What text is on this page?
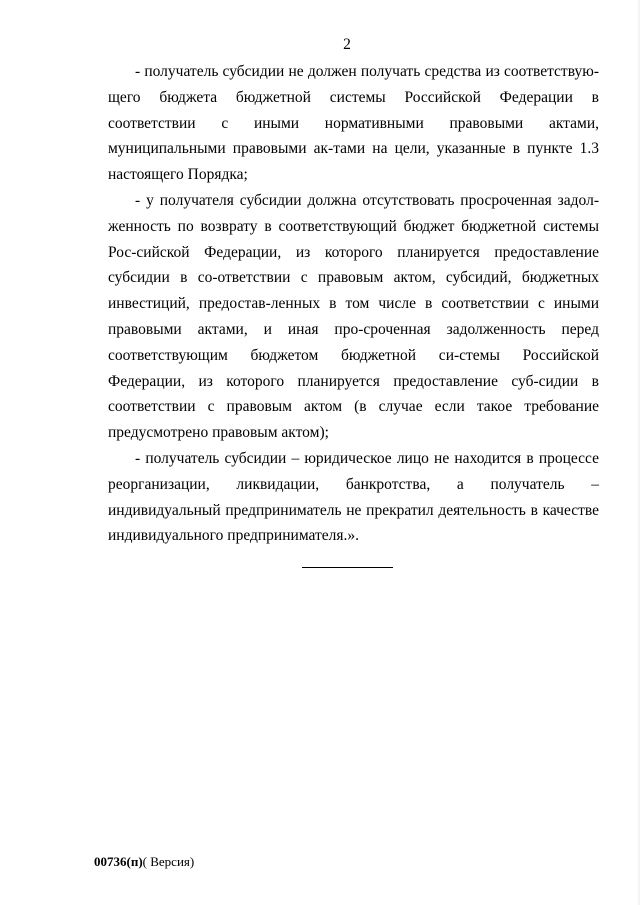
2

- получатель субсидии не должен получать средства из соответствую-щего бюджета бюджетной системы Российской Федерации в соответствии с иными нормативными правовыми актами, муниципальными правовыми ак-тами на цели, указанные в пункте 1.3 настоящего Порядка;

- у получателя субсидии должна отсутствовать просроченная задол-женность по возврату в соответствующий бюджет бюджетной системы Рос-сийской Федерации, из которого планируется предоставление субсидии в со-ответствии с правовым актом, субсидий, бюджетных инвестиций, предостав-ленных в том числе в соответствии с иными правовыми актами, и иная про-сроченная задолженность перед соответствующим бюджетом бюджетной си-стемы Российской Федерации, из которого планируется предоставление суб-сидии в соответствии с правовым актом (в случае если такое требование предусмотрено правовым актом);

- получатель субсидии – юридическое лицо не находится в процессе реорганизации, ликвидации, банкротства, а получатель – индивидуальный предприниматель не прекратил деятельность в качестве индивидуального предпринимателя.».

00736(п)( Версия)
